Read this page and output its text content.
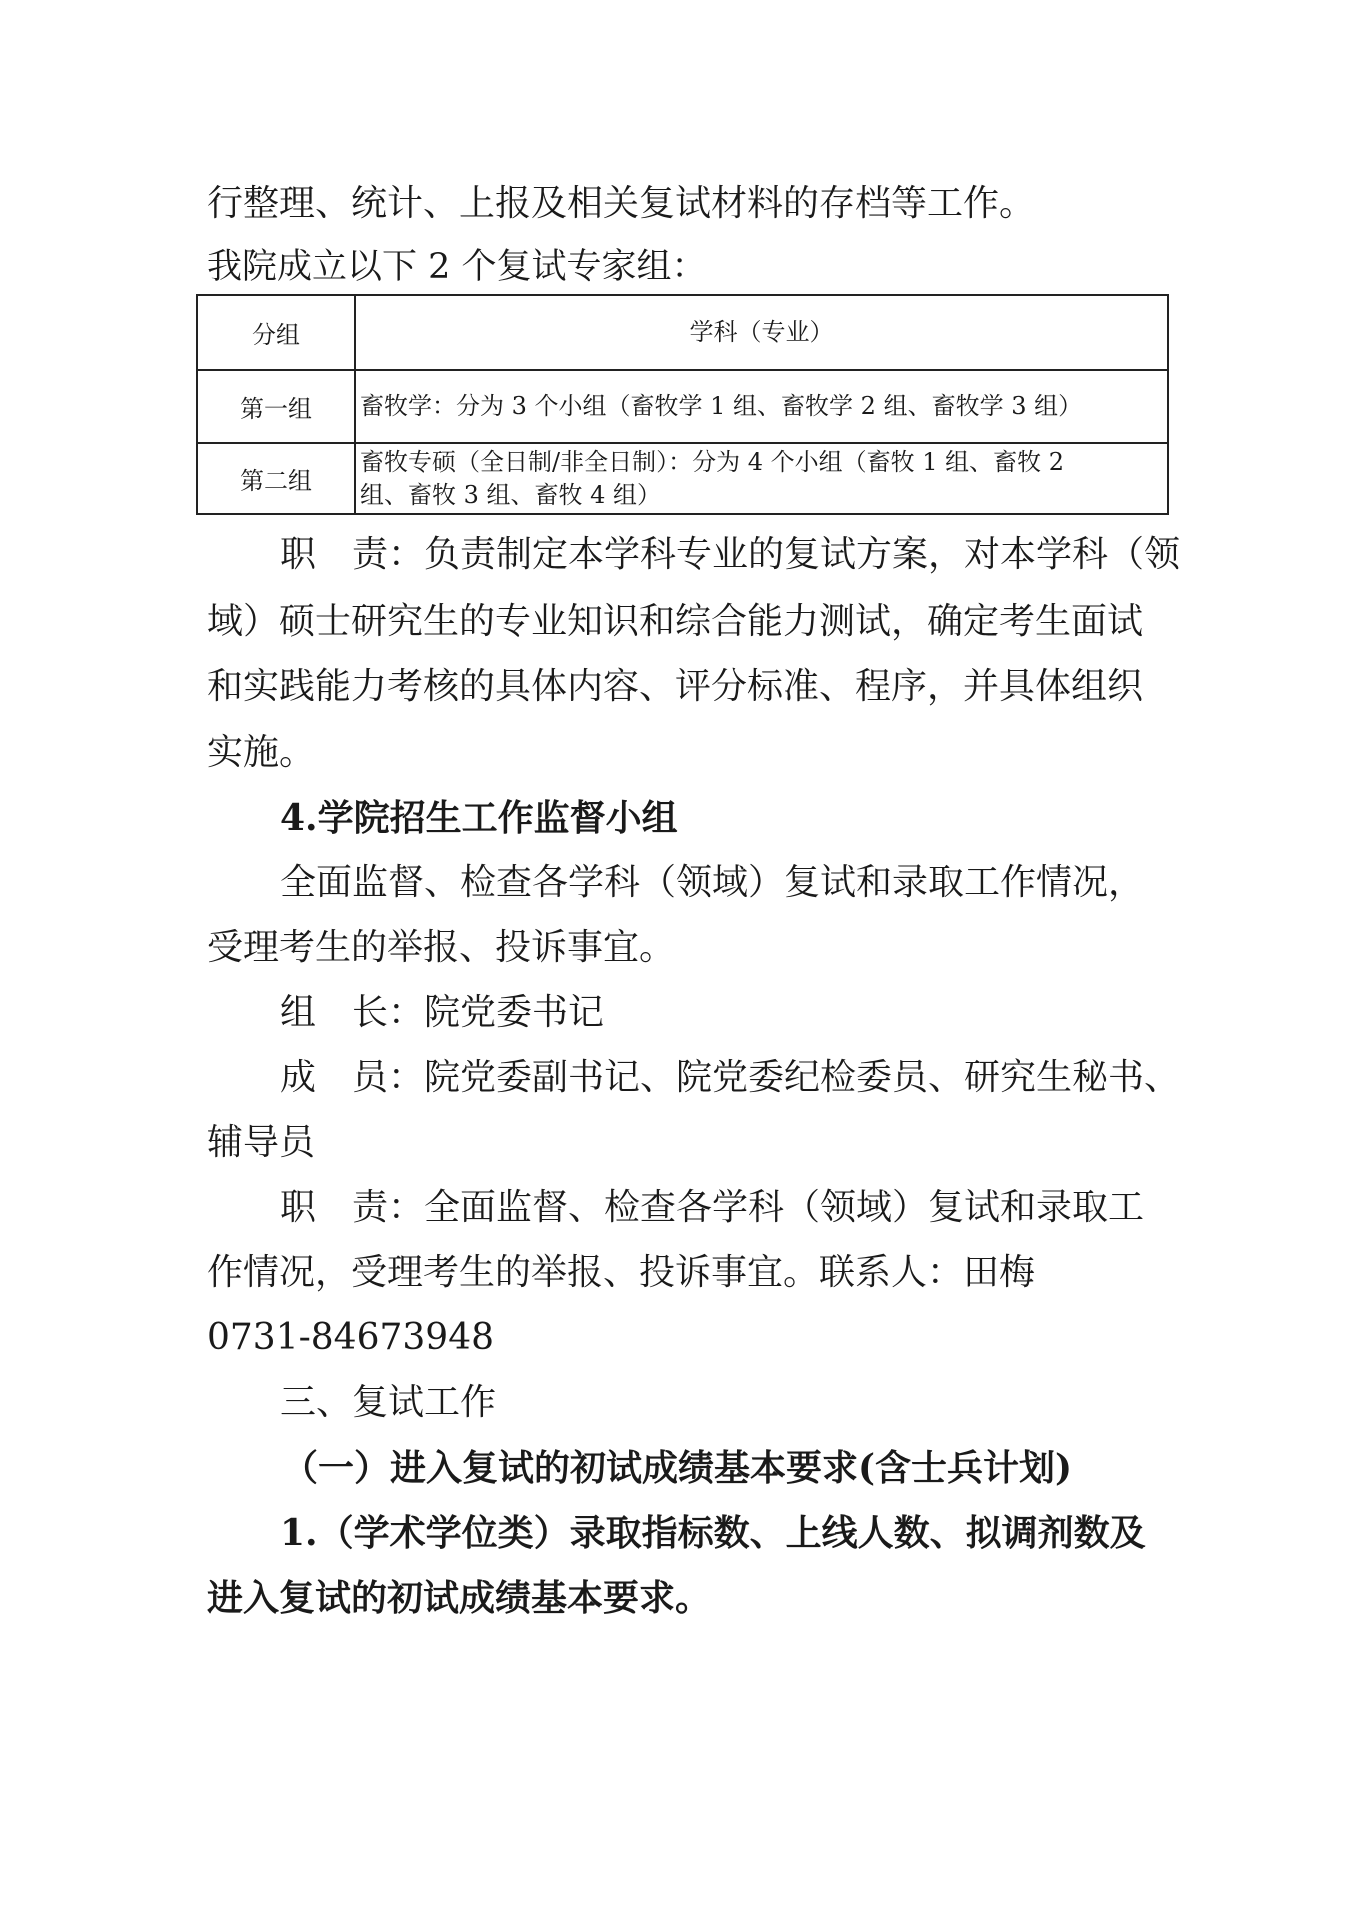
行整理、统计、上报及相关复试材料的存档等工作。
我院成立以下 2 个复试专家组：
分组	学科（专业）
第一组	畜牧学：分为 3 个小组（畜牧学 1 组、畜牧学 2 组、畜牧学 3 组）

第二组	畜牧专硕（全日制/非全日制）：分为 4 个小组（畜牧 1 组、畜牧 2
组、畜牧 3 组、畜牧 4 组）
职　责：负责制定本学科专业的复试方案，对本学科（领
域）硕士研究生的专业知识和综合能力测试，确定考生面试
和实践能力考核的具体内容、评分标准、程序，并具体组织
实施。
4.学院招生工作监督小组
全面监督、检查各学科（领域）复试和录取工作情况，
受理考生的举报、投诉事宜。
组　长：院党委书记
成　员：院党委副书记、院党委纪检委员、研究生秘书、
辅导员
职　责：全面监督、检查各学科（领域）复试和录取工
作情况，受理考生的举报、投诉事宜。联系人：田梅
0731-84673948
三、复试工作
（一）进入复试的初试成绩基本要求(含士兵计划)
1.（学术学位类）录取指标数、上线人数、拟调剂数及
进入复试的初试成绩基本要求。
